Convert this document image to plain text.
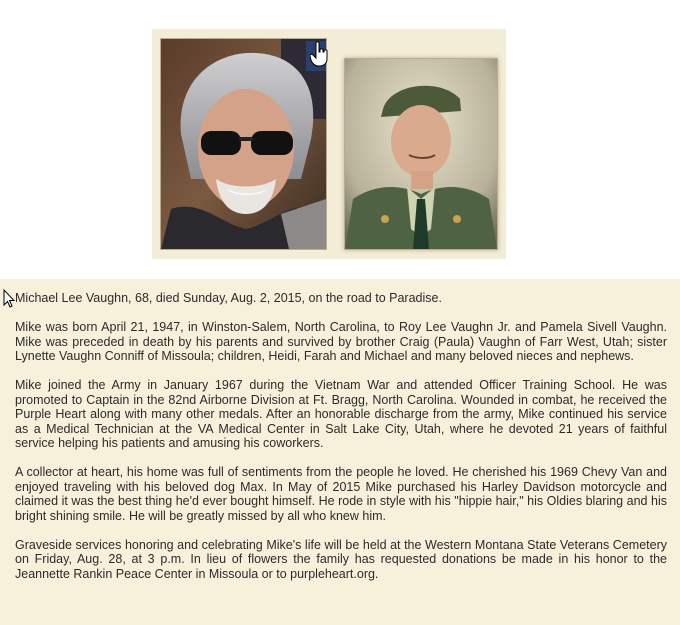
Michael Lee Vaughn, 68, died Sunday, Aug. 2, 2015, on the road to Paradise.

Mike was born April 21, 1947, in Winston-Salem, North Carolina, to Roy Lee Vaughn Jr. and Pamela Sivell Vaughn. Mike was preceded in death by his parents and survived by brother Craig (Paula) Vaughn of Farr West, Utah; sister Lynette Vaughn Conniff of Missoula; children, Heidi, Farah and Michael and many beloved nieces and nephews.

Mike joined the Army in January 1967 during the Vietnam War and attended Officer Training School. He was promoted to Captain in the 82nd Airborne Division at Ft. Bragg, North Carolina. Wounded in combat, he received the Purple Heart along with many other medals. After an honorable discharge from the army, Mike continued his service as a Medical Technician at the VA Medical Center in Salt Lake City, Utah, where he devoted 21 years of faithful service helping his patients and amusing his coworkers.

A collector at heart, his home was full of sentiments from the people he loved. He cherished his 1969 Chevy Van and enjoyed traveling with his beloved dog Max. In May of 2015 Mike purchased his Harley Davidson motorcycle and claimed it was the best thing he'd ever bought himself. He rode in style with his "hippie hair," his Oldies blaring and his bright shining smile. He will be greatly missed by all who knew him.

Graveside services honoring and celebrating Mike's life will be held at the Western Montana State Veterans Cemetery on Friday, Aug. 28, at 3 p.m. In lieu of flowers the family has requested donations be made in his honor to the Jeannette Rankin Peace Center in Missoula or to purpleheart.org.
